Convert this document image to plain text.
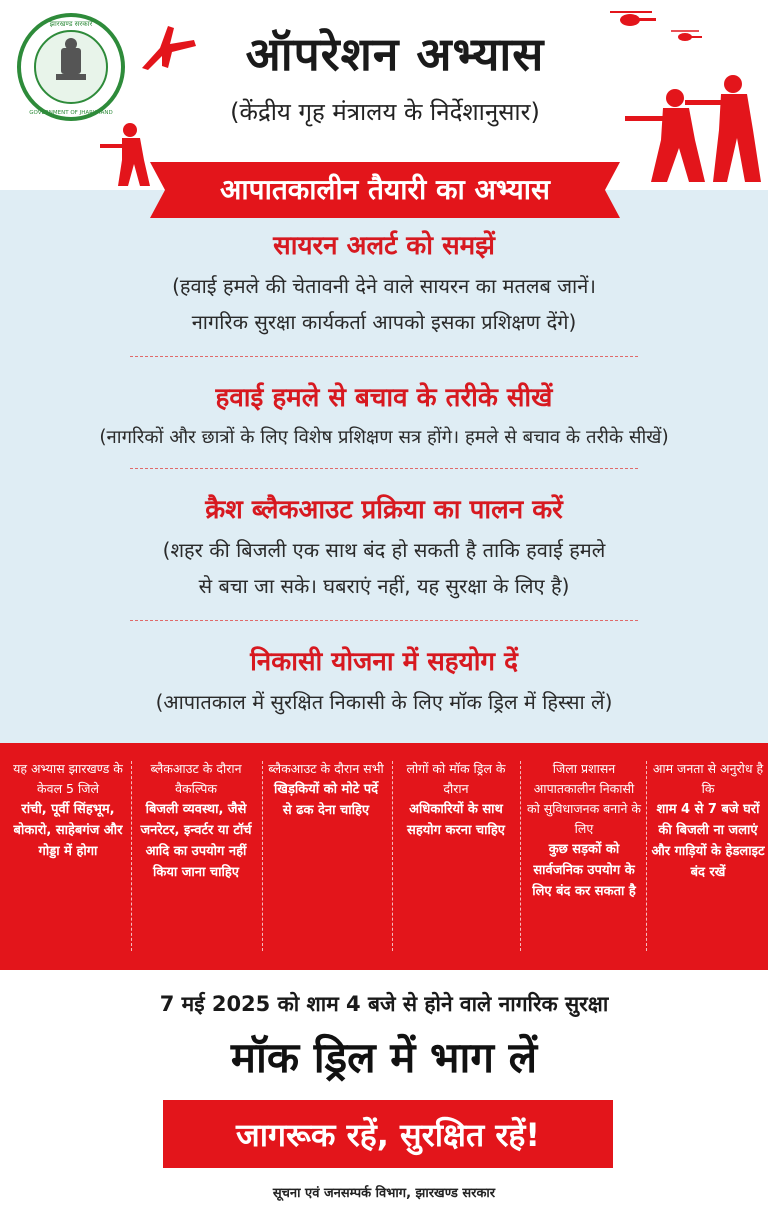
झारखण्ड सरकार
GOVERNMENT OF JHARKHAND
ऑपरेशन अभ्यास
(केंद्रीय गृह मंत्रालय के निर्देशानुसार)
सायरन अलर्ट को समझें
(हवाई हमले की चेतावनी देने वाले सायरन का मतलब जानें।
नागरिक सुरक्षा कार्यकर्ता आपको इसका प्रशिक्षण देंगे)
हवाई हमले से बचाव के तरीके सीखें
(नागरिकों और छात्रों के लिए विशेष प्रशिक्षण सत्र होंगे। हमले से बचाव के तरीके सीखें)
क्रैश ब्लैकआउट प्रक्रिया का पालन करें
(शहर की बिजली एक साथ बंद हो सकती है ताकि हवाई हमले
से बचा जा सके। घबराएं नहीं, यह सुरक्षा के लिए है)
निकासी योजना में सहयोग दें
(आपातकाल में सुरक्षित निकासी के लिए मॉक ड्रिल में हिस्सा लें)
आपातकालीन तैयारी का अभ्यास
यह अभ्यास झारखण्ड के केवल 5 जिले
रांची, पूर्वी सिंहभूम, बोकारो, साहेबगंज और गोड्डा में होगा
ब्लैकआउट के दौरान वैकल्पिक
बिजली व्यवस्था, जैसे जनरेटर, इन्वर्टर या टॉर्च आदि का उपयोग नहीं किया जाना चाहिए
ब्लैकआउट के दौरान सभी
खिड़कियों को मोटे पर्दे से ढक देना चाहिए
लोगों को मॉक ड्रिल के दौरान
अधिकारियों के साथ सहयोग करना चाहिए
जिला प्रशासन आपातकालीन निकासी को सुविधाजनक बनाने के लिए
कुछ सड़कों को सार्वजनिक उपयोग के लिए बंद कर सकता है
आम जनता से अनुरोध है कि
शाम 4 से 7 बजे घरों की बिजली ना जलाएं और गाड़ियों के हेडलाइट बंद रखें
7 मई 2025 को शाम 4 बजे से होने वाले नागरिक सुरक्षा
मॉक ड्रिल में भाग लें
जागरूक रहें, सुरक्षित रहें!
सूचना एवं जनसम्पर्क विभाग, झारखण्ड सरकार
